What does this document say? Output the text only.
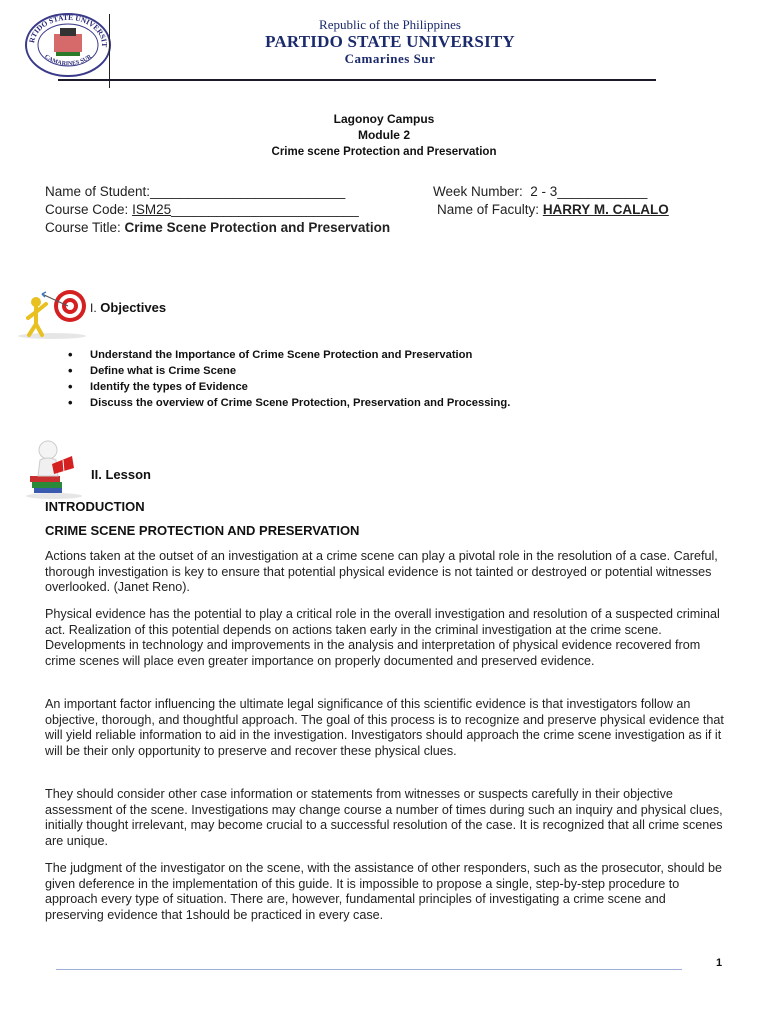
RTIDO STATE UNIVERSIT
CAMARINES SUR
Republic of the Philippines
PARTIDO STATE UNIVERSITY
Camarines Sur
Lagonoy Campus
Module 2
Crime scene Protection and Preservation
Name of Student:__________________________	Week Number: 2 - 3____________
Course Code: ISM25_________________________	Name of Faculty: HARRY M. CALALO
Course Title: Crime Scene Protection and Preservation
I. Objectives
• Understand the Importance of Crime Scene Protection and Preservation
• Define what is Crime Scene
• Identify the types of Evidence
• Discuss the overview of Crime Scene Protection, Preservation and Processing.
II. Lesson
INTRODUCTION
CRIME SCENE PROTECTION AND PRESERVATION

Actions taken at the outset of an investigation at a crime scene can play a pivotal role in the resolution of a case. Careful, thorough investigation is key to ensure that potential physical evidence is not tainted or destroyed or potential witnesses overlooked. (Janet Reno).

Physical evidence has the potential to play a critical role in the overall investigation and resolution of a suspected criminal act. Realization of this potential depends on actions taken early in the criminal investigation at the crime scene. Developments in technology and improvements in the analysis and interpretation of physical evidence recovered from crime scenes will place even greater importance on properly documented and preserved evidence.

An important factor influencing the ultimate legal significance of this scientific evidence is that investigators follow an objective, thorough, and thoughtful approach. The goal of this process is to recognize and preserve physical evidence that will yield reliable information to aid in the investigation. Investigators should approach the crime scene investigation as if it will be their only opportunity to preserve and recover these physical clues.

They should consider other case information or statements from witnesses or suspects carefully in their objective assessment of the scene. Investigations may change course a number of times during such an inquiry and physical clues, initially thought irrelevant, may become crucial to a successful resolution of the case. It is recognized that all crime scenes are unique.

The judgment of the investigator on the scene, with the assistance of other responders, such as the prosecutor, should be given deference in the implementation of this guide. It is impossible to propose a single, step-by-step procedure to approach every type of situation. There are, however, fundamental principles of investigating a crime scene and preserving evidence that 1should be practiced in every case.

1
